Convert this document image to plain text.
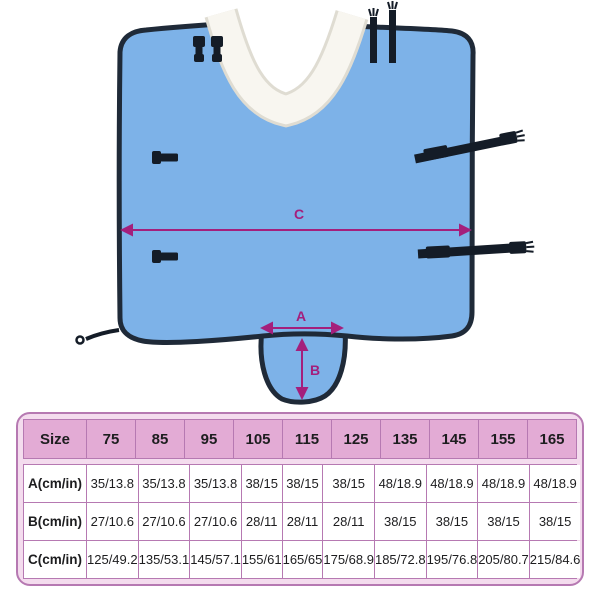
C
A
B
Size	75	85	95	105	115	125	135	145	155	165
A(cm/in) 35/13.8 35/13.8 35/13.8 38/15 38/15	38/15	48/18.9 48/18.9 48/18.9 48/18.9
B(cm/in) 27/10.6 27/10.6 27/10.6 28/11 28/11	28/11	38/15	38/15	38/15	38/15
C(cm/in) 125/49.2 135/53.1 145/57.1 155/61 165/65 175/68.9 185/72.8 195/76.8 205/80.7 215/84.6
